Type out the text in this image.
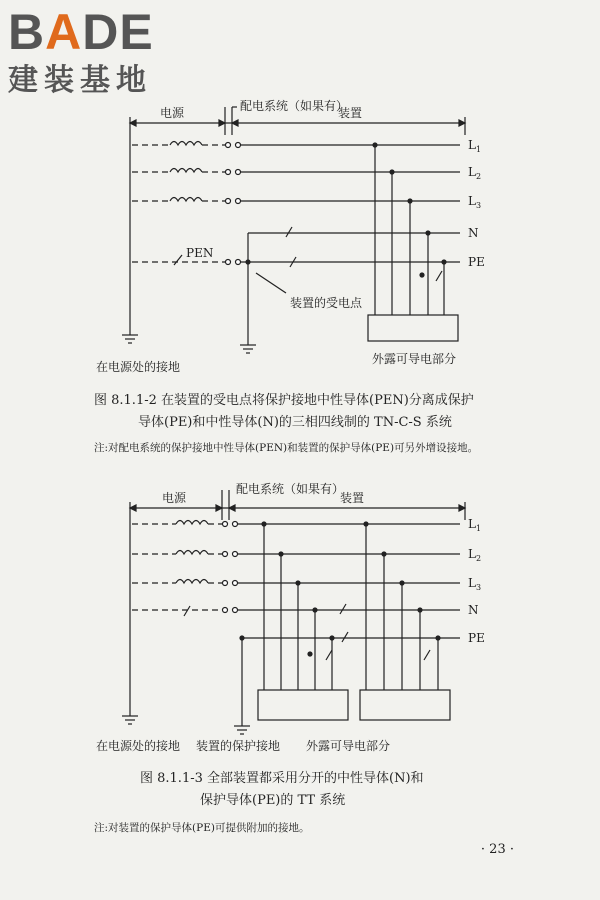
BADE
建装基地
电源	配电系统（如果有）
装置
$L_1$
$L_2$
$L_3$
N
PE
PEN
装置的受电点
外露可导电部分
在电源处的接地
图 8.1.1-2 在装置的受电点将保护接地中性导体(PEN)分离成保护
导体(PE)和中性导体(N)的三相四线制的 TN-C-S 系统
注:对配电系统的保护接地中性导体(PEN)和装置的保护导体(PE)可另外增设接地。
电源
配电系统（如果有）
装置
$L_1$
$L_2$
$L_3$
N
PE
在电源处的接地 装置的保护接地 外露可导电部分
图 8.1.1-3 全部装置都采用分开的中性导体(N)和
保护导体(PE)的 TT 系统
注:对装置的保护导体(PE)可提供附加的接地。
· 23 ·
